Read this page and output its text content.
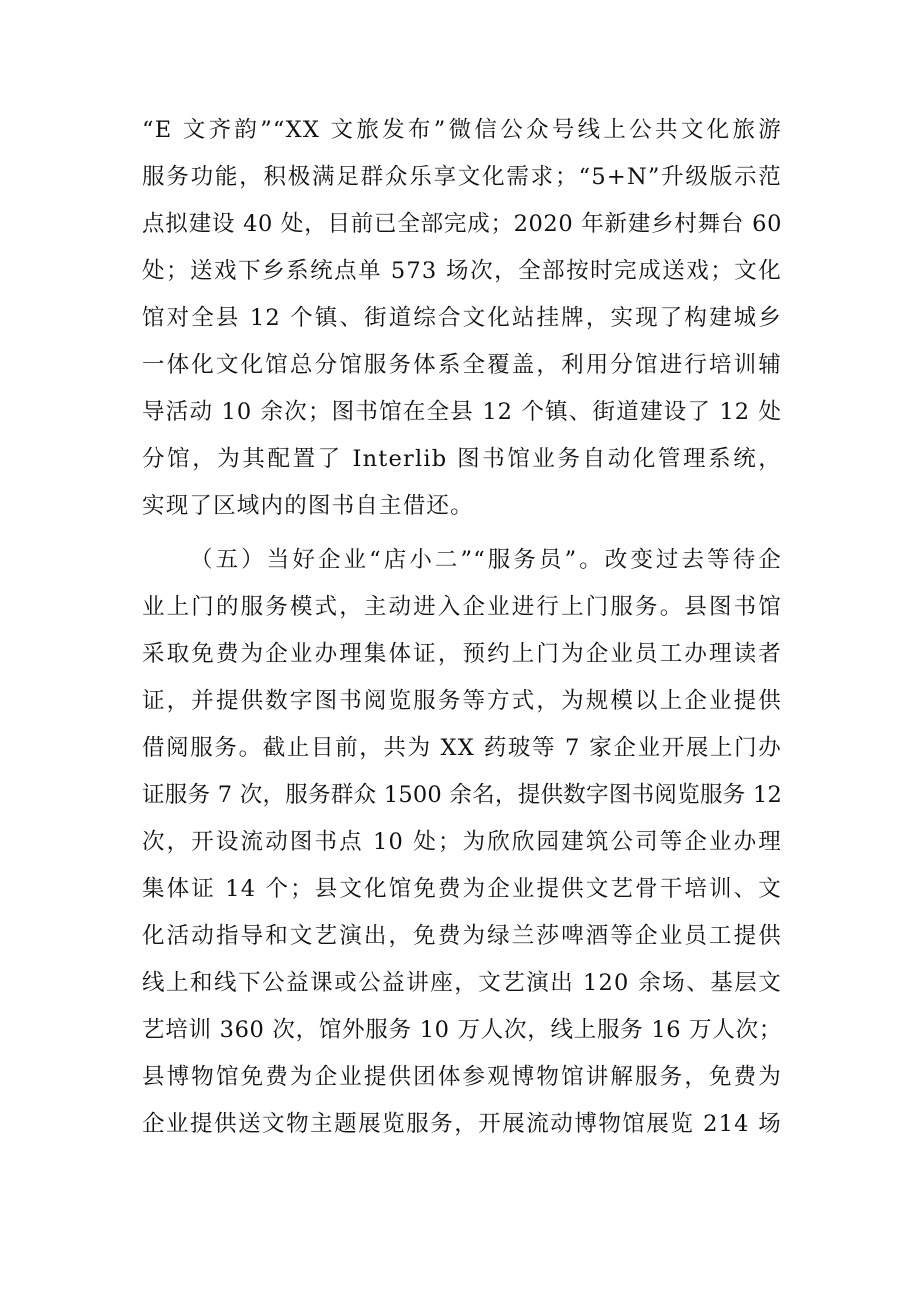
“E 文齐韵”“XX 文旅发布”微信公众号线上公共文化旅游
服务功能，积极满足群众乐享文化需求；“5+N”升级版示范
点拟建设 40 处，目前已全部完成；2020 年新建乡村舞台 60
处；送戏下乡系统点单 573 场次，全部按时完成送戏；文化
馆对全县 12 个镇、街道综合文化站挂牌，实现了构建城乡
一体化文化馆总分馆服务体系全覆盖，利用分馆进行培训辅
导活动 10 余次；图书馆在全县 12 个镇、街道建设了 12 处
分馆，为其配置了 Interlib 图书馆业务自动化管理系统，
实现了区域内的图书自主借还。
（五）当好企业“店小二”“服务员”。改变过去等待企
业上门的服务模式，主动进入企业进行上门服务。县图书馆
采取免费为企业办理集体证，预约上门为企业员工办理读者
证，并提供数字图书阅览服务等方式，为规模以上企业提供
借阅服务。截止目前，共为 XX 药玻等 7 家企业开展上门办
证服务 7 次，服务群众 1500 余名，提供数字图书阅览服务 12
次，开设流动图书点 10 处；为欣欣园建筑公司等企业办理
集体证 14 个；县文化馆免费为企业提供文艺骨干培训、文
化活动指导和文艺演出，免费为绿兰莎啤酒等企业员工提供
线上和线下公益课或公益讲座，文艺演出 120 余场、基层文
艺培训 360 次，馆外服务 10 万人次，线上服务 16 万人次；
县博物馆免费为企业提供团体参观博物馆讲解服务，免费为
企业提供送文物主题展览服务，开展流动博物馆展览 214 场
